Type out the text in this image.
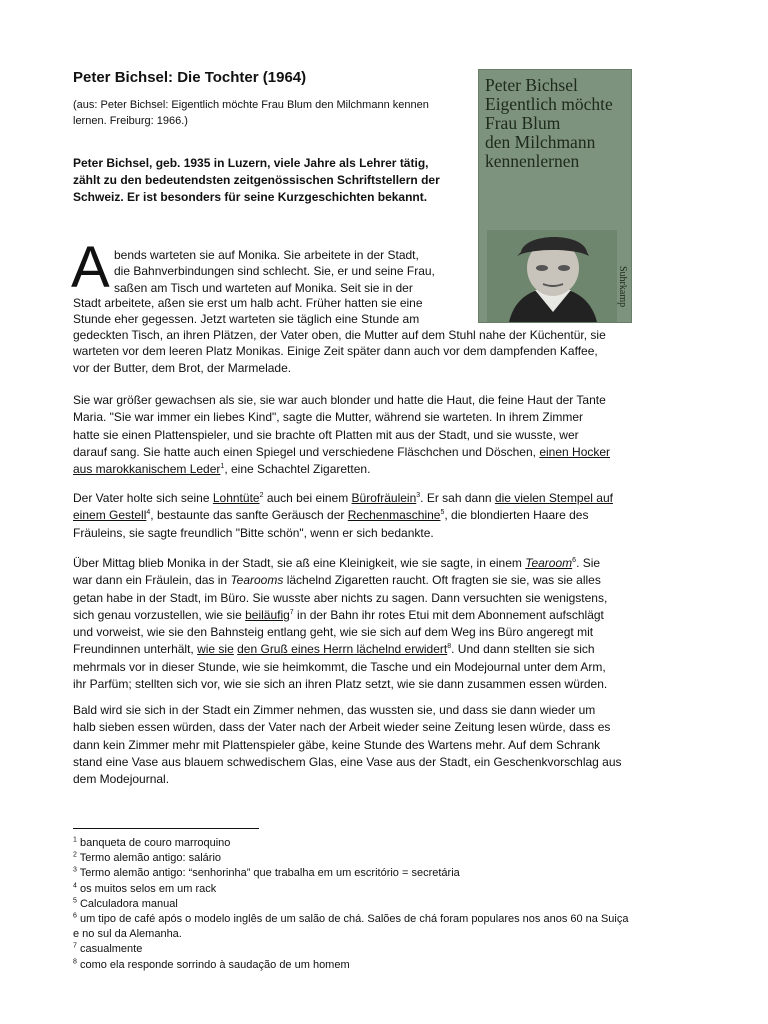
Peter Bichsel: Die Tochter (1964)
(aus: Peter Bichsel: Eigentlich möchte Frau Blum den Milchmann kennen
lernen. Freiburg: 1966.)
Peter Bichsel, geb. 1935 in Luzern, viele Jahre als Lehrer tätig,
zählt zu den bedeutendsten zeitgenössischen Schriftstellern der
Schweiz. Er ist besonders für seine Kurzgeschichten bekannt.
Peter Bichsel
Eigentlich möchte
Frau Blum
den Milchmann
kennenlernen
Suhrkamp
A bends warteten sie auf Monika. Sie arbeitete in der Stadt,
die Bahnverbindungen sind schlecht. Sie, er und seine Frau,
saßen am Tisch und warteten auf Monika. Seit sie in der
Stadt arbeitete, aßen sie erst um halb acht. Früher hatten sie eine
Stunde eher gegessen. Jetzt warteten sie täglich eine Stunde am
gedeckten Tisch, an ihren Plätzen, der Vater oben, die Mutter auf dem Stuhl nahe der Küchentür, sie
warteten vor dem leeren Platz Monikas. Einige Zeit später dann auch vor dem dampfenden Kaffee,
vor der Butter, dem Brot, der Marmelade.
Sie war größer gewachsen als sie, sie war auch blonder und hatte die Haut, die feine Haut der Tante
Maria. "Sie war immer ein liebes Kind", sagte die Mutter, während sie warteten. In ihrem Zimmer
hatte sie einen Plattenspieler, und sie brachte oft Platten mit aus der Stadt, und sie wusste, wer
darauf sang. Sie hatte auch einen Spiegel und verschiedene Fläschchen und Döschen, einen Hocker
aus marokkanischem Leder$^1$, eine Schachtel Zigaretten.
Der Vater holte sich seine Lohntüte$^2$ auch bei einem Bürofräulein$^3$. Er sah dann die vielen Stempel auf
einem Gestell$^4$, bestaunte das sanfte Geräusch der Rechenmaschine$^5$, die blondierten Haare des
Fräuleins, sie sagte freundlich "Bitte schön", wenn er sich bedankte.
Über Mittag blieb Monika in der Stadt, sie aß eine Kleinigkeit, wie sie sagte, in einem Tearoom$^6$. Sie
war dann ein Fräulein, das in Tearooms lächelnd Zigaretten raucht. Oft fragten sie sie, was sie alles
getan habe in der Stadt, im Büro. Sie wusste aber nichts zu sagen. Dann versuchten sie wenigstens,
sich genau vorzustellen, wie sie beiläufig$^7$ in der Bahn ihr rotes Etui mit dem Abonnement aufschlägt
und vorweist, wie sie den Bahnsteig entlang geht, wie sie sich auf dem Weg ins Büro angeregt mit
Freundinnen unterhält, wie sie den Gruß eines Herrn lächelnd erwidert$^8$. Und dann stellten sie sich
mehrmals vor in dieser Stunde, wie sie heimkommt, die Tasche und ein Modejournal unter dem Arm,
ihr Parfüm; stellten sich vor, wie sie sich an ihren Platz setzt, wie sie dann zusammen essen würden.
Bald wird sie sich in der Stadt ein Zimmer nehmen, das wussten sie, und dass sie dann wieder um
halb sieben essen würden, dass der Vater nach der Arbeit wieder seine Zeitung lesen würde, dass es
dann kein Zimmer mehr mit Plattenspieler gäbe, keine Stunde des Wartens mehr. Auf dem Schrank
stand eine Vase aus blauem schwedischem Glas, eine Vase aus der Stadt, ein Geschenkvorschlag aus
dem Modejournal.
$^1$ banqueta de couro marroquino
$^2$ Termo alemão antigo: salário
$^3$ Termo alemão antigo: “senhorinha” que trabalha em um escritório = secretária
$^4$ os muitos selos em um rack
$^5$ Calculadora manual
$^6$ um tipo de café após o modelo inglês de um salão de chá. Salões de chá foram populares nos anos 60 na Suiça
e no sul da Alemanha.
$^7$ casualmente
$^8$ como ela responde sorrindo à saudação de um homem
